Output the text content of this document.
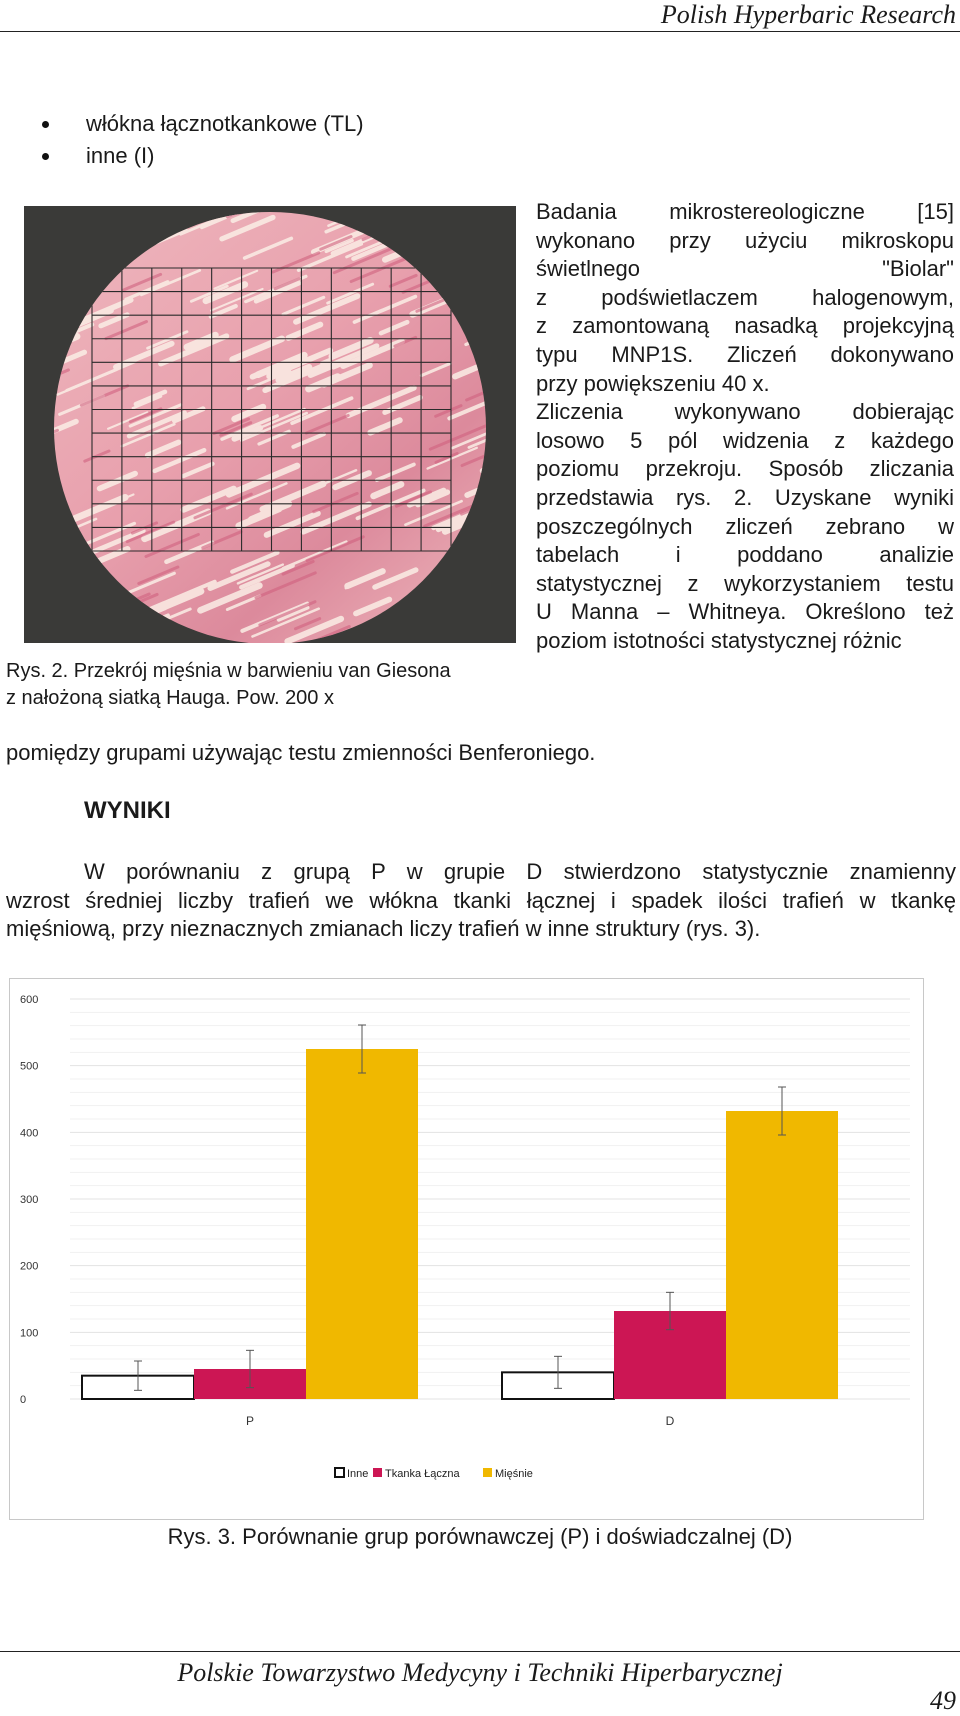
Polish Hyperbaric Research
włókna łącznotkankowe (TL)
inne (I)
Badania mikrostereologiczne [15]
wykonano przy użyciu mikroskopu
świetlnego "Biolar"
z podświetlaczem halogenowym,
z zamontowaną nasadką projekcyjną
typu MNP1S. Zliczeń dokonywano
przy powiększeniu 40 x.
Zliczenia wykonywano dobierając
losowo 5 pól widzenia z każdego
poziomu przekroju. Sposób zliczania
przedstawia rys. 2. Uzyskane wyniki
poszczególnych zliczeń zebrano w
tabelach i poddano analizie
statystycznej z wykorzystaniem testu
U Manna – Whitneya. Określono też
poziom istotności statystycznej różnic
Rys. 2. Przekrój mięśnia w barwieniu van Giesona
z nałożoną siatką Hauga. Pow. 200 x
pomiędzy grupami używając testu zmienności Benferoniego.
WYNIKI
W porównaniu z grupą P w grupie D stwierdzono statystycznie znamienny
wzrost średniej liczby trafień we włókna tkanki łącznej i spadek ilości trafień w tkankę
mięśniową, przy nieznacznych zmianach liczy trafień w inne struktury (rys. 3).
0
100
200
300
400
500
600
P	D
Inne Tkanka Łączna	Mięśnie
Rys. 3. Porównanie grup porównawczej (P) i doświadczalnej (D)
Polskie Towarzystwo Medycyny i Techniki Hiperbarycznej
49
